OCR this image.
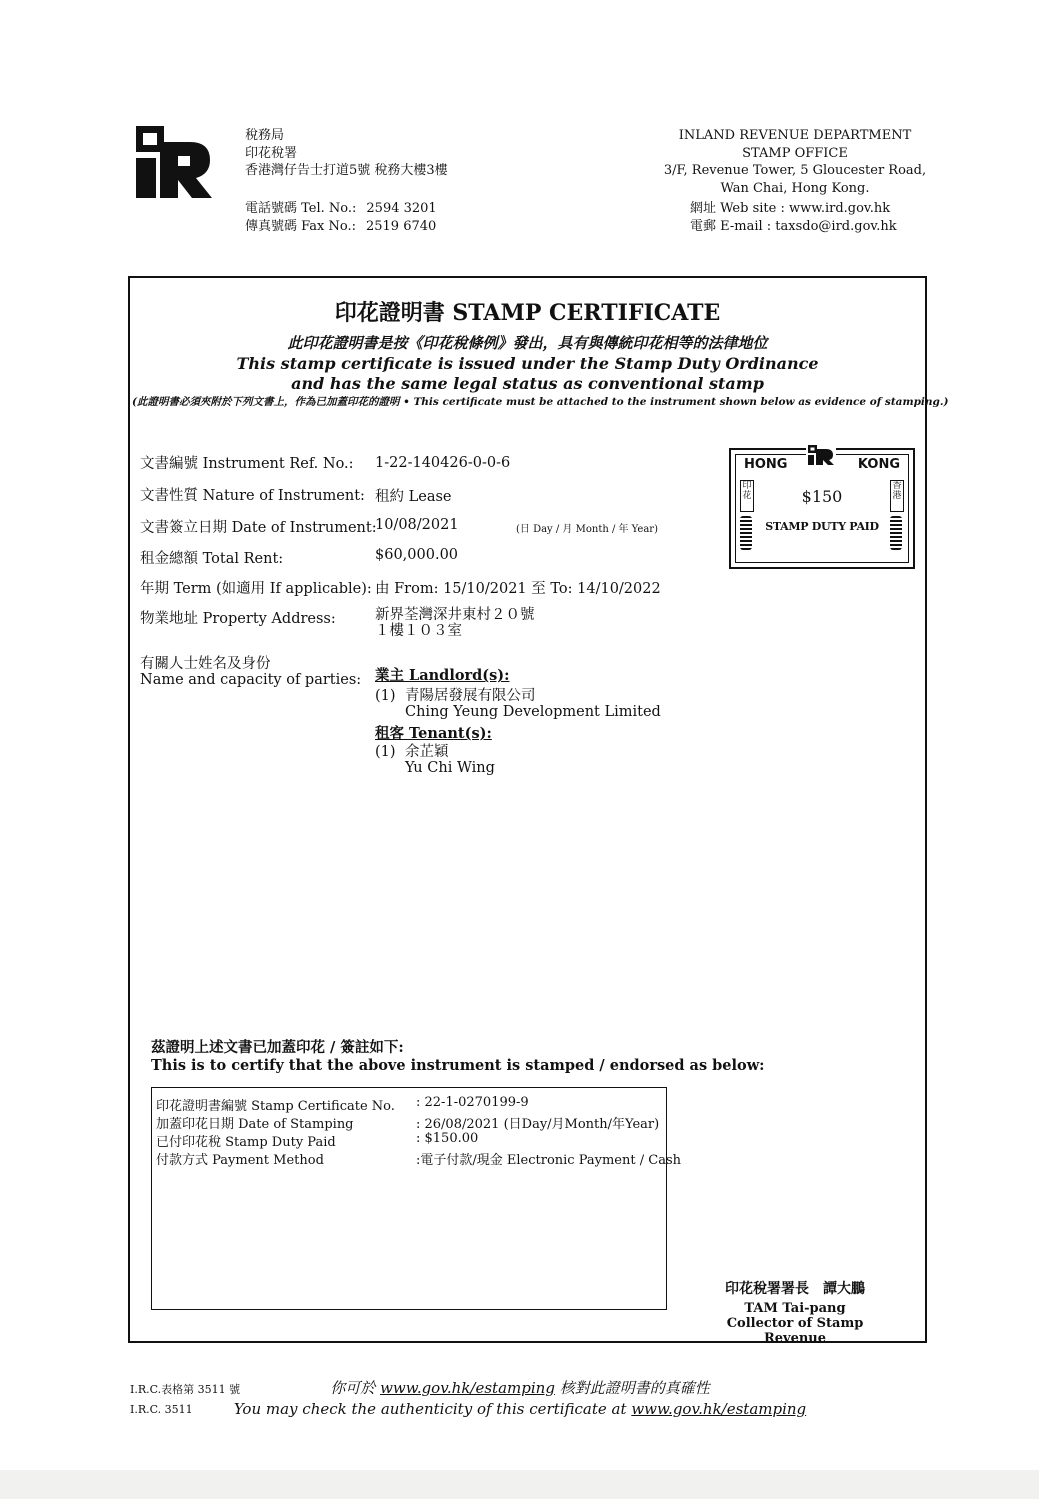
稅務局
印花稅署
香港灣仔告士打道5號 稅務大樓3樓
電話號碼 Tel. No.: 2594 3201
傳真號碼 Fax No.: 2519 6740
INLAND REVENUE DEPARTMENT
STAMP OFFICE
3/F, Revenue Tower, 5 Gloucester Road,
Wan Chai, Hong Kong.
網址 Web site : www.ird.gov.hk
電郵 E-mail : taxsdo@ird.gov.hk
印花證明書 STAMP CERTIFICATE
此印花證明書是按《印花稅條例》發出，具有與傳統印花相等的法律地位
This stamp certificate is issued under the Stamp Duty Ordinance
and has the same legal status as conventional stamp
(此證明書必須夾附於下列文書上，作為已加蓋印花的證明 • This certificate must be attached to the instrument shown below as evidence of stamping.)
文書編號 Instrument Ref. No.: 1-22-140426-0-0-6
文書性質 Nature of Instrument: 租約 Lease
文書簽立日期 Date of Instrument:
10/08/2021	(日 Day / 月 Month / 年 Year)
租金總額 Total Rent:	$60,000.00
年期 Term (如適用 If applicable): 由 From: 15/10/2021 至 To: 14/10/2022
物業地址 Property Address:	新界荃灣深井東村２０號
１樓１０３室
有關人士姓名及身份
Name and capacity of parties: 業主 Landlord(s):
(1) 青陽居發展有限公司
Ching Yeung Development Limited
租客 Tenant(s):
(1) 余芷穎
Yu Chi Wing
HONG	KONG
$150
STAMP DUTY PAID
印花
香港
茲證明上述文書已加蓋印花 / 簽註如下:
This is to certify that the above instrument is stamped / endorsed as below:
印花證明書編號 Stamp Certificate No. : 22-1-0270199-9
加蓋印花日期 Date of Stamping	: 26/08/2021 (日Day/月Month/年Year)
已付印花稅 Stamp Duty Paid	: $150.00
付款方式 Payment Method	:電子付款/現金 Electronic Payment / Cash
印花稅署署長　譚大鵬
TAM Tai-pang
Collector of Stamp Revenue
I.R.C.表格第 3511 號
I.R.C. 3511
你可於 www.gov.hk/estamping 核對此證明書的真確性
You may check the authenticity of this certificate at www.gov.hk/estamping
